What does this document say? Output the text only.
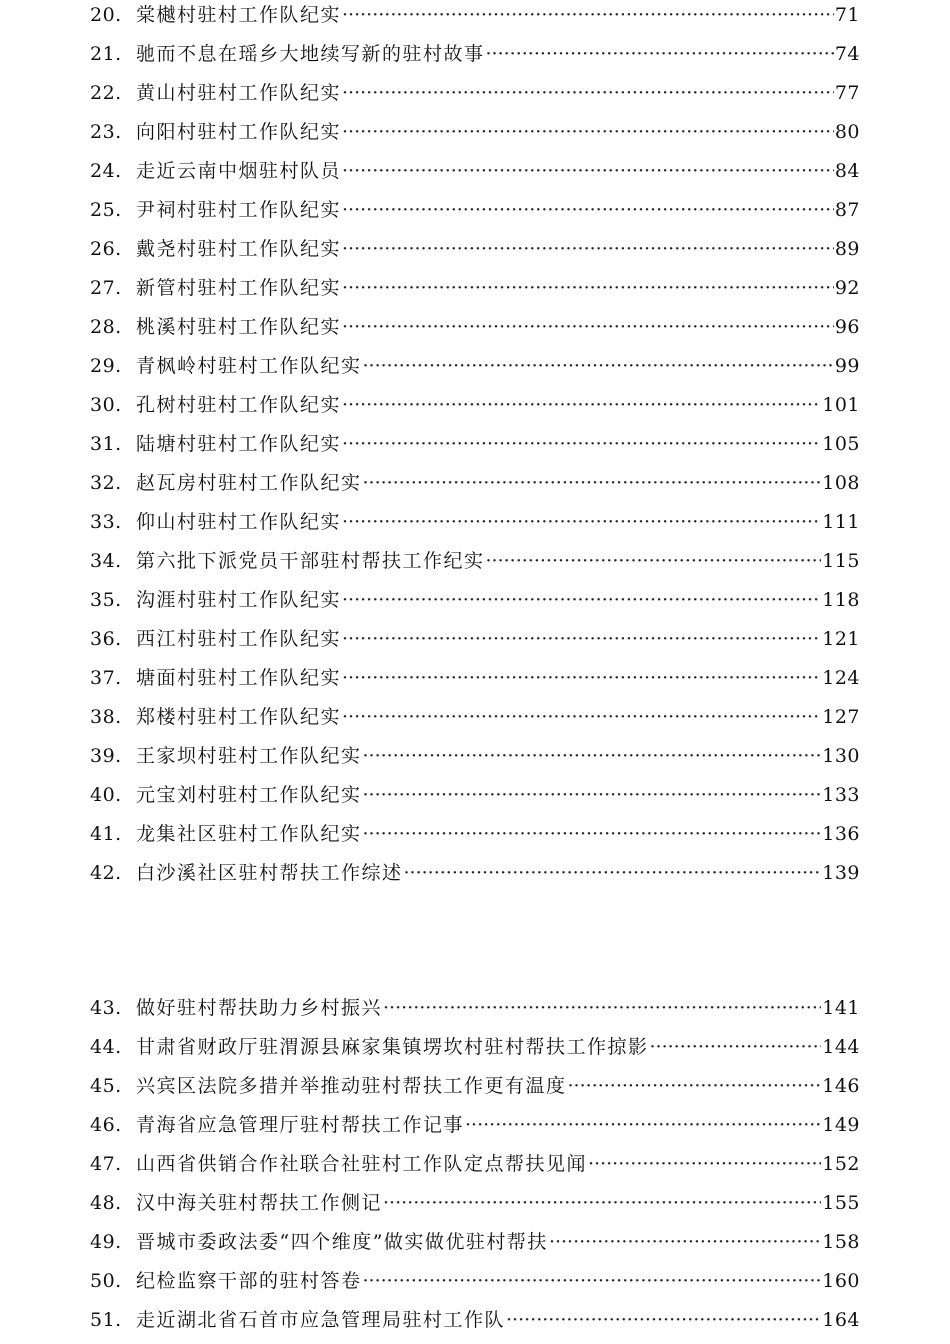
20. 棠樾村驻村工作队纪实 ·····	71
21. 驰而不息在瑶乡大地续写新的驻村故事 ·····	74
22. 黄山村驻村工作队纪实 ·····	77
23. 向阳村驻村工作队纪实 ·····	80
24. 走近云南中烟驻村队员 ·····	84
25. 尹祠村驻村工作队纪实 ·····	87
26. 戴尧村驻村工作队纪实 ·····	89
27. 新管村驻村工作队纪实 ·····	92
28. 桃溪村驻村工作队纪实 ·····	96
29. 青枫岭村驻村工作队纪实 ·····	99
30. 孔树村驻村工作队纪实 ·····	101
31. 陆塘村驻村工作队纪实 ·····	105
32. 赵瓦房村驻村工作队纪实 ·····	108
33. 仰山村驻村工作队纪实 ·····	111
34. 第六批下派党员干部驻村帮扶工作纪实 ·····	115
35. 沟涯村驻村工作队纪实 ·····	118
36. 西江村驻村工作队纪实 ·····	121
37. 塘面村驻村工作队纪实 ·····	124
38. 郑楼村驻村工作队纪实 ·····	127
39. 王家坝村驻村工作队纪实 ·····	130
40. 元宝刘村驻村工作队纪实 ·····	133
41. 龙集社区驻村工作队纪实 ·····	136
42. 白沙溪社区驻村帮扶工作综述 ·····	139
43. 做好驻村帮扶助力乡村振兴 ·····	141
44. 甘肃省财政厅驻渭源县麻家集镇塄坎村驻村帮扶工作掠影 ·····	144
45. 兴宾区法院多措并举推动驻村帮扶工作更有温度 ·····	146
46. 青海省应急管理厅驻村帮扶工作记事 ·····	149
47. 山西省供销合作社联合社驻村工作队定点帮扶见闻 ·····	152
48. 汉中海关驻村帮扶工作侧记 ·····	155
49. 晋城市委政法委“四个维度”做实做优驻村帮扶 ·····	158
50. 纪检监察干部的驻村答卷 ·····	160
51. 走近湖北省石首市应急管理局驻村工作队 ·····	164
